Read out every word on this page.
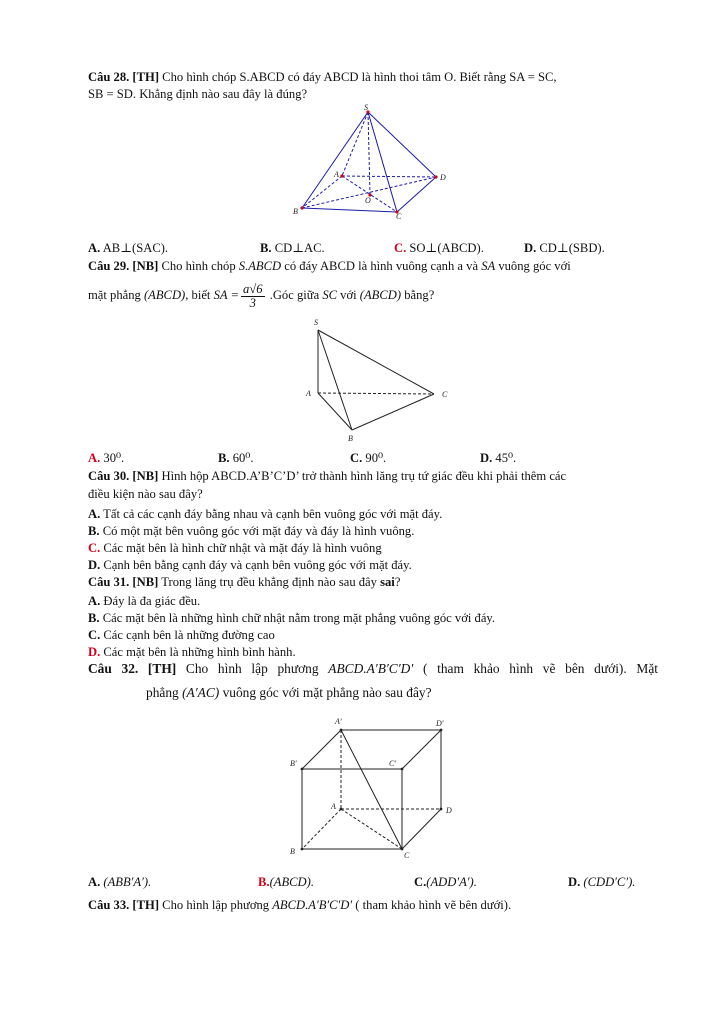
Câu 28. [TH] Cho hình chóp S.ABCD có đáy ABCD là hình thoi tâm O. Biết rằng SA = SC,
SB = SD. Khẳng định nào sau đây là đúng?
S
A
B
C
D
O
A. AB⊥(SAC).	B. CD⊥AC.	C. SO⊥(ABCD).	D. CD⊥(SBD).
Câu 29. [NB] Cho hình chóp S.ABCD có đáy ABCD là hình vuông cạnh a và SA vuông góc với
mặt phẳng (ABCD), biết SA = $\frac{a√6}{3}$ .Góc giữa SC với (ABCD) bằng?
S
A
B
C
A. 30⁰.	B. 60⁰.	C. 90⁰.	D. 45⁰.
Câu 30. [NB] Hình hộp ABCD.A’B’C’D’ trở thành hình lăng trụ tứ giác đều khi phải thêm các
điều kiện nào sau đây?
A. Tất cả các cạnh đáy bằng nhau và cạnh bên vuông góc với mặt đáy.
B. Có một mặt bên vuông góc với mặt đáy và đáy là hình vuông.
C. Các mặt bên là hình chữ nhật và mặt đáy là hình vuông
D. Cạnh bên bằng cạnh đáy và cạnh bên vuông góc với mặt đáy.
Câu 31. [NB] Trong lăng trụ đều khẳng định nào sau đây sai?
A. Đáy là đa giác đều.
B. Các mặt bên là những hình chữ nhật nằm trong mặt phẳng vuông góc với đáy.
C. Các cạnh bên là những đường cao
D. Các mặt bên là những hình bình hành.
Câu 32. [TH] Cho hình lập phương ABCD.A′B′C′D′ ( tham khảo hình vẽ bên dưới). Mặt
phẳng (A′AC) vuông góc với mặt phẳng nào sau đây?
A′	D′
B′	C′
A	D
B	C
A. (ABB′A′).	B.(ABCD).	C.(ADD′A′).	D. (CDD′C′).
Câu 33. [TH] Cho hình lập phương ABCD.A′B′C′D′ ( tham khảo hình vẽ bên dưới).
